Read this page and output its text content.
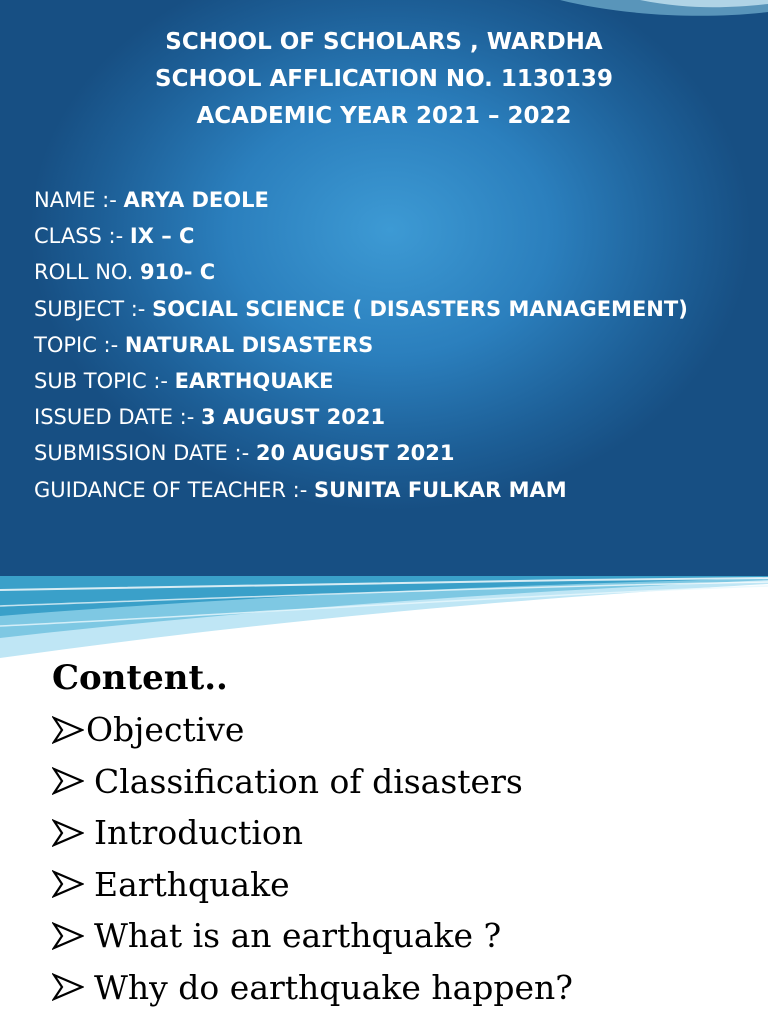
SCHOOL OF SCHOLARS , WARDHA
SCHOOL AFFLICATION NO. 1130139
ACADEMIC YEAR 2021 – 2022
NAME :- ARYA DEOLE
CLASS :- IX – C
ROLL NO. 910- C
SUBJECT :- SOCIAL SCIENCE ( DISASTERS MANAGEMENT)
TOPIC :- NATURAL DISASTERS
SUB TOPIC :- EARTHQUAKE
ISSUED DATE :- 3 AUGUST 2021
SUBMISSION DATE :- 20 AUGUST 2021
GUIDANCE OF TEACHER :- SUNITA FULKAR MAM
Content..
Objective
Classification of disasters
Introduction
Earthquake
What is an earthquake ?
Why do earthquake happen?
